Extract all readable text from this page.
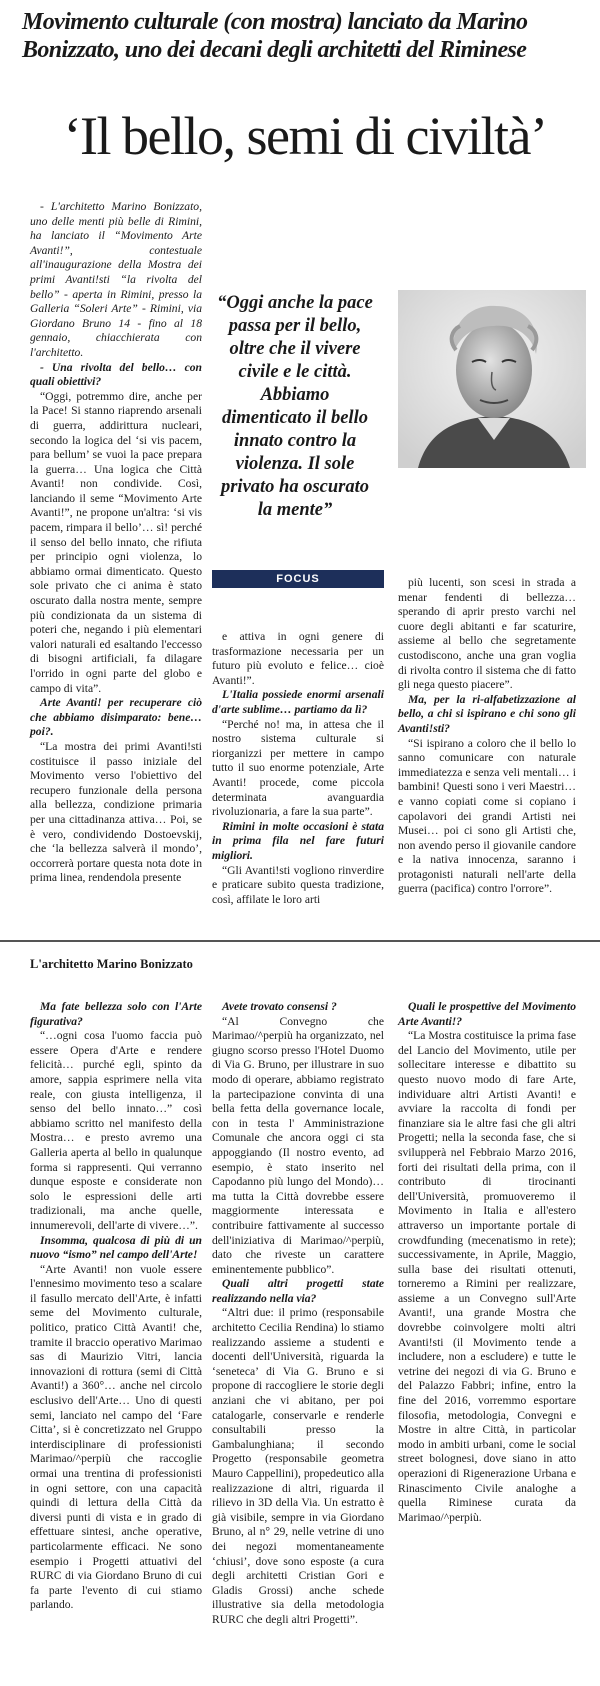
Movimento culturale (con mostra) lanciato da Marino Bonizzato, uno dei decani degli architetti del Riminese
‘Il bello, semi di civiltà’

- L'architetto Marino Bonizzato, uno delle menti più belle di Rimini, ha lanciato il “Movimento Arte Avanti!”, contestuale all'inaugurazione della Mostra dei primi Avanti!sti “la rivolta del bello” - aperta in Rimini, presso la Galleria “Soleri Arte” - Rimini, via Giordano Bruno 14 - fino al 18 gennaio, chiacchierata con l'architetto.

- Una rivolta del bello… con quali obiettivi?

“Oggi, potremmo dire, anche per la Pace! Si stanno riaprendo arsenali di guerra, addirittura nucleari, secondo la logica del ‘si vis pacem, para bellum’ se vuoi la pace prepara la guerra… Una logica che Città Avanti! non condivide. Così, lanciando il seme “Movimento Arte Avanti!”, ne propone un'altra: ‘si vis pacem, rimpara il bello’… sì! perché il senso del bello innato, che rifiuta per principio ogni violenza, lo abbiamo ormai dimenticato. Questo sole privato che ci anima è stato oscurato dalla nostra mente, sempre più condizionata da un sistema di poteri che, negando i più elementari valori naturali ed esaltando l'eccesso di bisogni artificiali, fa dilagare l'orrido in ogni parte del globo e campo di vita”.

Arte Avanti! per recuperare ciò che abbiamo disimparato: bene… poi?.

“La mostra dei primi Avanti!sti costituisce il passo iniziale del Movimento verso l'obiettivo del recupero funzionale della persona alla bellezza, condizione primaria per una cittadinanza attiva… Poi, se è vero, condividendo Dostoevskij, che ‘la bellezza salverà il mondo’, occorrerà portare questa nota dote in prima linea, rendendola presente

e attiva in ogni genere di trasformazione necessaria per un futuro più evoluto e felice… cioè Avanti!”.

L'Italia possiede enormi arsenali d'arte sublime… partiamo da lì?

“Perché no! ma, in attesa che il nostro sistema culturale si riorganizzi per mettere in campo tutto il suo enorme potenziale, Arte Avanti! procede, come piccola determinata avanguardia rivoluzionaria, a fare la sua parte”.

Rimini in molte occasioni è stata in prima fila nel fare futuri migliori.

“Gli Avanti!sti vogliono rinverdire e praticare subito questa tradizione, così, affilate le loro arti

più lucenti, son scesi in strada a menar fendenti di bellezza… sperando di aprir presto varchi nel cuore degli abitanti e far scaturire, assieme al bello che segretamente custodiscono, anche una gran voglia di rivolta contro il sistema che di fatto gli nega questo piacere”.

Ma, per la ri-alfabetizzazione al bello, a chi si ispirano e chi sono gli Avanti!sti?

“Si ispirano a coloro che il bello lo sanno comunicare con naturale immediatezza e senza veli mentali… i bambini! Questi sono i veri Maestri… e vanno copiati come si copiano i capolavori dei grandi Artisti nei Musei… poi ci sono gli Artisti che, non avendo perso il giovanile candore e la nativa innocenza, saranno i protagonisti naturali nell'arte della guerra (pacifica) contro l'orrore”.

“Oggi anche la pace passa per il bello, oltre che il vivere civile e le città. Abbiamo dimenticato il bello innato contro la violenza. Il sole privato ha oscurato la mente”
FOCUS
L'architetto Marino Bonizzato

Ma fate bellezza solo con l'Arte figurativa?

“…ogni cosa l'uomo faccia può essere Opera d'Arte e rendere felicità… purché egli, spinto da amore, sappia esprimere nella vita reale, con giusta intelligenza, il senso del bello innato…” così abbiamo scritto nel manifesto della Mostra… e presto avremo una Galleria aperta al bello in qualunque forma si rappresenti. Qui verranno dunque esposte e considerate non solo le espressioni delle arti tradizionali, ma anche quelle, innumerevoli, dell'arte di vivere…”.

Insomma, qualcosa di più di un nuovo “ismo” nel campo dell'Arte!

“Arte Avanti! non vuole essere l'ennesimo movimento teso a scalare il fasullo mercato dell'Arte, è infatti seme del Movimento culturale, politico, pratico Città Avanti! che, tramite il braccio operativo Marimao sas di Maurizio Vitri, lancia innovazioni di rottura (semi di Città Avanti!) a 360°… anche nel circolo esclusivo dell'Arte… Uno di questi semi, lanciato nel campo del ‘Fare Citta’, si è concretizzato nel Gruppo interdisciplinare di professionisti Marimao/^perpiù che raccoglie ormai una trentina di professionisti in ogni settore, con una capacità quindi di lettura della Città da diversi punti di vista e in grado di effettuare sintesi, anche operative, particolarmente efficaci. Ne sono esempio i Progetti attuativi del RURC di via Giordano Bruno di cui fa parte l'evento di cui stiamo parlando.

Avete trovato consensi ?

“Al Convegno che Marimao/^perpiù ha organizzato, nel giugno scorso presso l'Hotel Duomo di Via G. Bruno, per illustrare in suo modo di operare, abbiamo registrato la partecipazione convinta di una bella fetta della governance locale, con in testa l' Amministrazione Comunale che ancora oggi ci sta appoggiando (Il nostro evento, ad esempio, è stato inserito nel Capodanno più lungo del Mondo)… ma tutta la Città dovrebbe essere maggiormente interessata e contribuire fattivamente al successo dell'iniziativa di Marimao/^perpiù, dato che riveste un carattere eminentemente pubblico”.

Quali altri progetti state realizzando nella via?

“Altri due: il primo (responsabile architetto Cecilia Rendina) lo stiamo realizzando assieme a studenti e docenti dell'Università, riguarda la ‘seneteca’ di Via G. Bruno e si propone di raccogliere le storie degli anziani che vi abitano, per poi catalogarle, conservarle e renderle consultabili presso la Gambalunghiana; il secondo Progetto (responsabile geometra Mauro Cappellini), propedeutico alla realizzazione di altri, riguarda il rilievo in 3D della Via. Un estratto è già visibile, sempre in via Giordano Bruno, al n° 29, nelle vetrine di uno dei negozi momentaneamente ‘chiusi’, dove sono esposte (a cura degli architetti Cristian Gori e Gladis Grossi) anche schede illustrative sia della metodologia RURC che degli altri Progetti”.

Quali le prospettive del Movimento Arte Avanti!?

“La Mostra costituisce la prima fase del Lancio del Movimento, utile per sollecitare interesse e dibattito su questo nuovo modo di fare Arte, individuare altri Artisti Avanti! e avviare la raccolta di fondi per finanziare sia le altre fasi che gli altri Progetti; nella la seconda fase, che si svilupperà nel Febbraio Marzo 2016, forti dei risultati della prima, con il contributo di tirocinanti dell'Università, promuoveremo il Movimento in Italia e all'estero attraverso un importante portale di crowdfunding (mecenatismo in rete); successivamente, in Aprile, Maggio, sulla base dei risultati ottenuti, torneremo a Rimini per realizzare, assieme a un Convegno sull'Arte Avanti!, una grande Mostra che dovrebbe coinvolgere molti altri Avanti!sti (il Movimento tende a includere, non a escludere) e tutte le vetrine dei negozi di via G. Bruno e del Palazzo Fabbri; infine, entro la fine del 2016, vorremmo esportare filosofia, metodologia, Convegni e Mostre in altre Città, in particolar modo in ambiti urbani, come le social street bolognesi, dove siano in atto operazioni di Rigenerazione Urbana e Rinascimento Civile analoghe a quella Riminese curata da Marimao/^perpiù.
